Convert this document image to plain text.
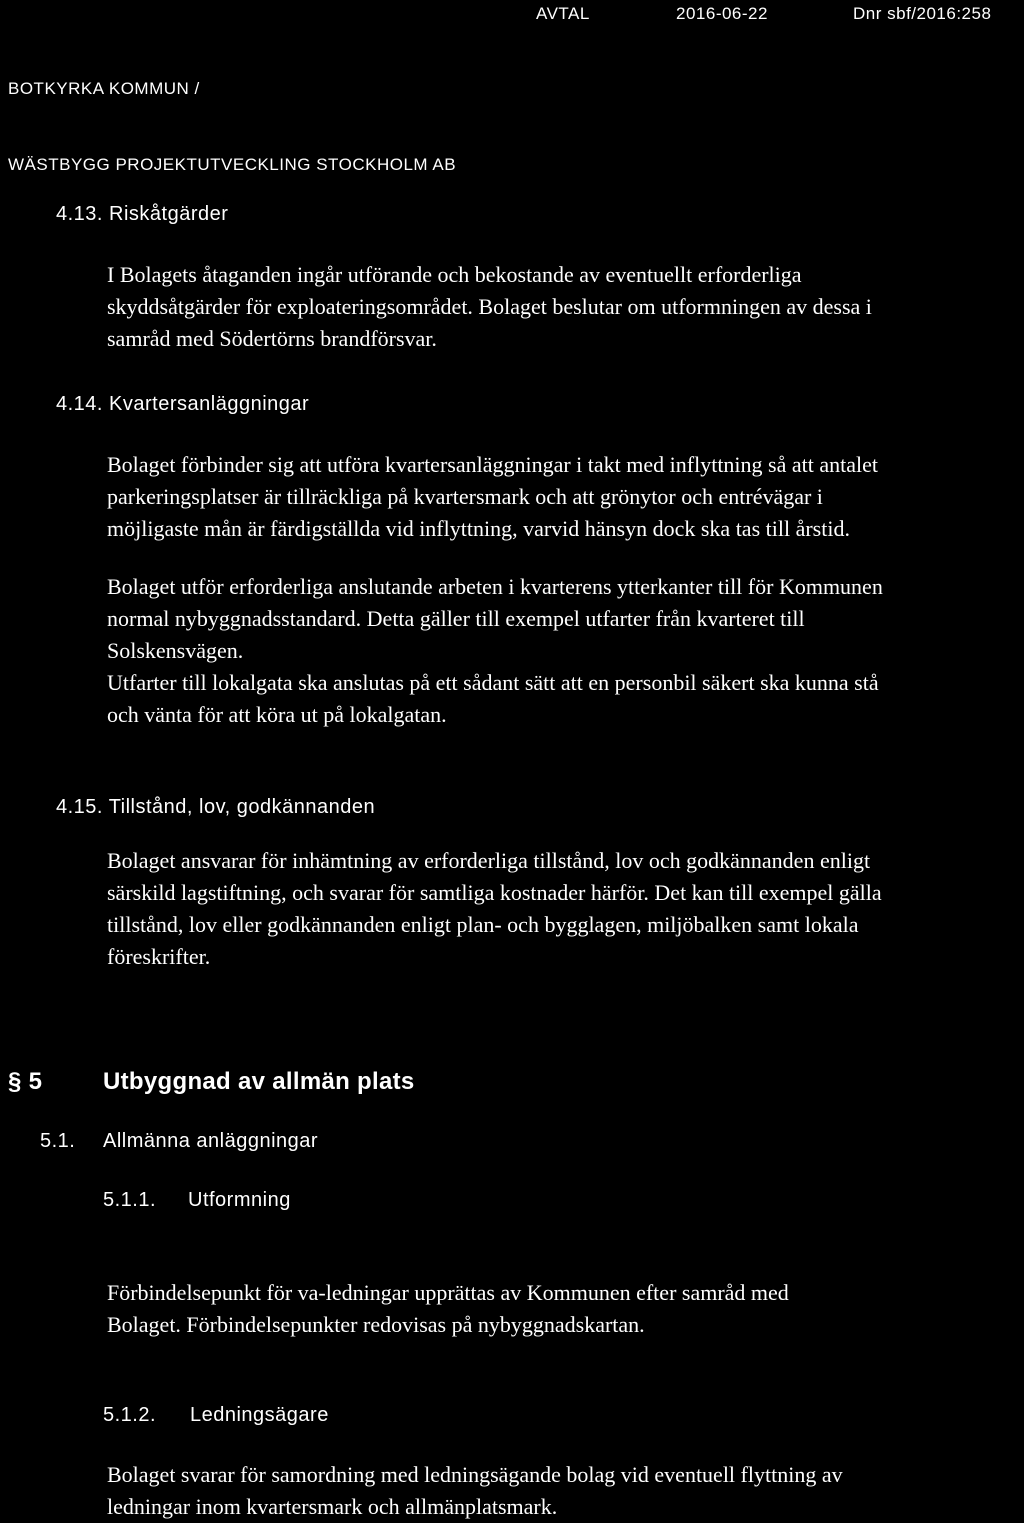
AVTAL	2016-06-22	Dnr sbf/2016:258
BOTKYRKA KOMMUN /
WÄSTBYGG PROJEKTUTVECKLING STOCKHOLM AB
4.13. Riskåtgärder
I Bolagets åtaganden ingår utförande och bekostande av eventuellt erforderliga
skyddsåtgärder för exploateringsområdet. Bolaget beslutar om utformningen av dessa i
samråd med Södertörns brandförsvar.
4.14. Kvartersanläggningar
Bolaget förbinder sig att utföra kvartersanläggningar i takt med inflyttning så att antalet
parkeringsplatser är tillräckliga på kvartersmark och att grönytor och entrévägar i
möjligaste mån är färdigställda vid inflyttning, varvid hänsyn dock ska tas till årstid.
Bolaget utför erforderliga anslutande arbeten i kvarterens ytterkanter till för Kommunen
normal nybyggnadsstandard. Detta gäller till exempel utfarter från kvarteret till
Solskensvägen.
Utfarter till lokalgata ska anslutas på ett sådant sätt att en personbil säkert ska kunna stå
och vänta för att köra ut på lokalgatan.
4.15. Tillstånd, lov, godkännanden
Bolaget ansvarar för inhämtning av erforderliga tillstånd, lov och godkännanden enligt
särskild lagstiftning, och svarar för samtliga kostnader härför. Det kan till exempel gälla
tillstånd, lov eller godkännanden enligt plan- och bygglagen, miljöbalken samt lokala
föreskrifter.
§ 5	Utbyggnad av allmän plats
5.1. Allmänna anläggningar
5.1.1. Utformning
Förbindelsepunkt för va-ledningar upprättas av Kommunen efter samråd med
Bolaget. Förbindelsepunkter redovisas på nybyggnadskartan.
5.1.2. Ledningsägare
Bolaget svarar för samordning med ledningsägande bolag vid eventuell flyttning av
ledningar inom kvartersmark och allmänplatsmark.
